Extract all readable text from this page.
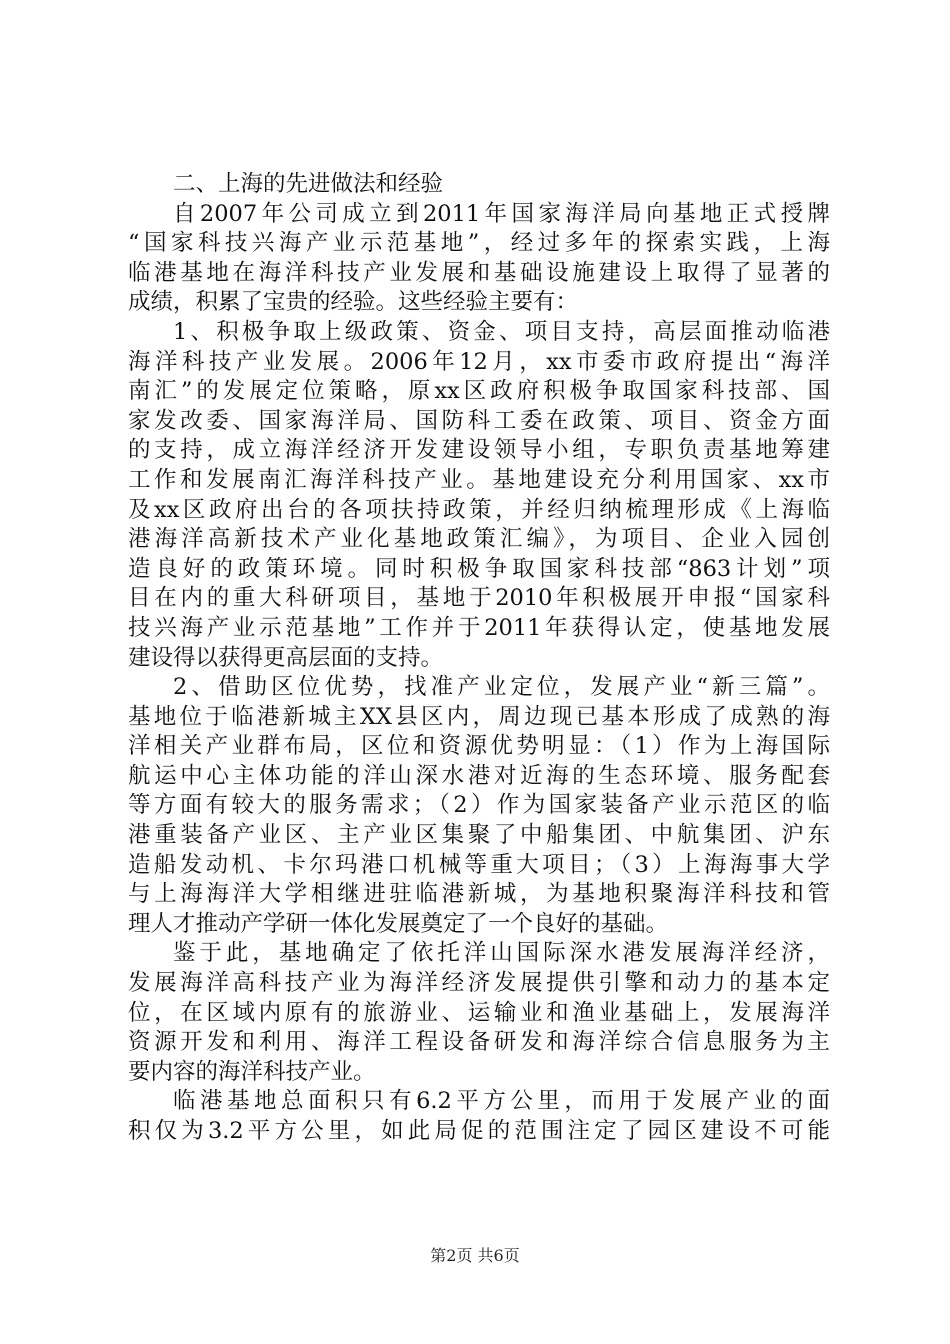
二、上海的先进做法和经验
自2007年公司成立到2011年国家海洋局向基地正式授牌
“国家科技兴海产业示范基地”，经过多年的探索实践，上海
临港基地在海洋科技产业发展和基础设施建设上取得了显著的
成绩，积累了宝贵的经验。这些经验主要有：
1、积极争取上级政策、资金、项目支持，高层面推动临港
海洋科技产业发展。2006年12月，xx市委市政府提出“海洋
南汇”的发展定位策略，原xx区政府积极争取国家科技部、国
家发改委、国家海洋局、国防科工委在政策、项目、资金方面
的支持，成立海洋经济开发建设领导小组，专职负责基地筹建
工作和发展南汇海洋科技产业。基地建设充分利用国家、xx市
及xx区政府出台的各项扶持政策，并经归纳梳理形成《上海临
港海洋高新技术产业化基地政策汇编》，为项目、企业入园创
造良好的政策环境。同时积极争取国家科技部“863计划”项
目在内的重大科研项目，基地于2010年积极展开申报“国家科
技兴海产业示范基地”工作并于2011年获得认定，使基地发展
建设得以获得更高层面的支持。
2、借助区位优势，找准产业定位，发展产业“新三篇”。
基地位于临港新城主XX县区内，周边现已基本形成了成熟的海
洋相关产业群布局，区位和资源优势明显：（1）作为上海国际
航运中心主体功能的洋山深水港对近海的生态环境、服务配套
等方面有较大的服务需求；（2）作为国家装备产业示范区的临
港重装备产业区、主产业区集聚了中船集团、中航集团、沪东
造船发动机、卡尔玛港口机械等重大项目；（3）上海海事大学
与上海海洋大学相继进驻临港新城，为基地积聚海洋科技和管
理人才推动产学研一体化发展奠定了一个良好的基础。
鉴于此，基地确定了依托洋山国际深水港发展海洋经济，
发展海洋高科技产业为海洋经济发展提供引擎和动力的基本定
位，在区域内原有的旅游业、运输业和渔业基础上，发展海洋
资源开发和利用、海洋工程设备研发和海洋综合信息服务为主
要内容的海洋科技产业。
临港基地总面积只有6.2平方公里，而用于发展产业的面
积仅为3.2平方公里，如此局促的范围注定了园区建设不可能
第2页 共6页
